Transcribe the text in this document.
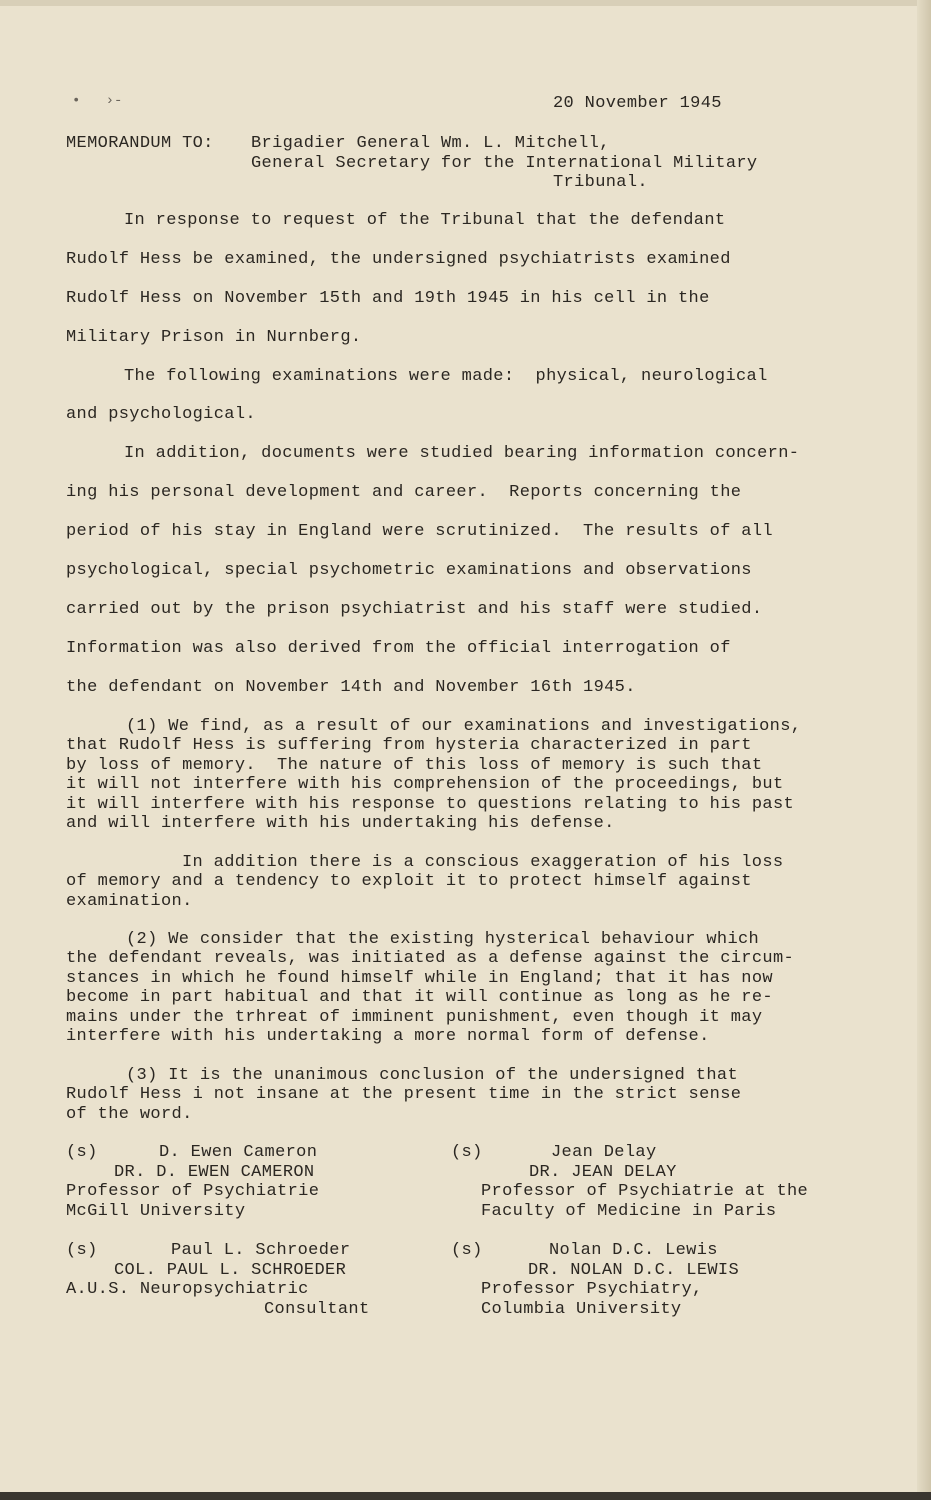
•   ›-	20 November 1945
MEMORANDUM TO: Brigadier General Wm. L. Mitchell,
General Secretary for the International Military
Tribunal.
In response to request of the Tribunal that the defendant
Rudolf Hess be examined, the undersigned psychiatrists examined
Rudolf Hess on November 15th and 19th 1945 in his cell in the
Military Prison in Nurnberg.
The following examinations were made:  physical, neurological
and psychological.
In addition, documents were studied bearing information concern-
ing his personal development and career.  Reports concerning the
period of his stay in England were scrutinized.  The results of all
psychological, special psychometric examinations and observations
carried out by the prison psychiatrist and his staff were studied.
Information was also derived from the official interrogation of
the defendant on November 14th and November 16th 1945.
(1) We find, as a result of our examinations and investigations,
that Rudolf Hess is suffering from hysteria characterized in part
by loss of memory.  The nature of this loss of memory is such that
it will not interfere with his comprehension of the proceedings, but
it will interfere with his response to questions relating to his past
and will interfere with his undertaking his defense.
In addition there is a conscious exaggeration of his loss
of memory and a tendency to exploit it to protect himself against
examination.
(2) We consider that the existing hysterical behaviour which
the defendant reveals, was initiated as a defense against the circum-
stances in which he found himself while in England; that it has now
become in part habitual and that it will continue as long as he re-
mains under the trhreat of imminent punishment, even though it may
interfere with his undertaking a more normal form of defense.
(3) It is the unanimous conclusion of the undersigned that
Rudolf Hess i not insane at the present time in the strict sense
of the word.
(s)	D. Ewen Cameron
DR. D. EWEN CAMERON
Professor of Psychiatrie
McGill University
(s)	Jean Delay
DR. JEAN DELAY
Professor of Psychiatrie at the
Faculty of Medicine in Paris
(s)	Paul L. Schroeder
COL. PAUL L. SCHROEDER
A.U.S. Neuropsychiatric
Consultant
(s)	Nolan D.C. Lewis
DR. NOLAN D.C. LEWIS
Professor Psychiatry,
Columbia University
